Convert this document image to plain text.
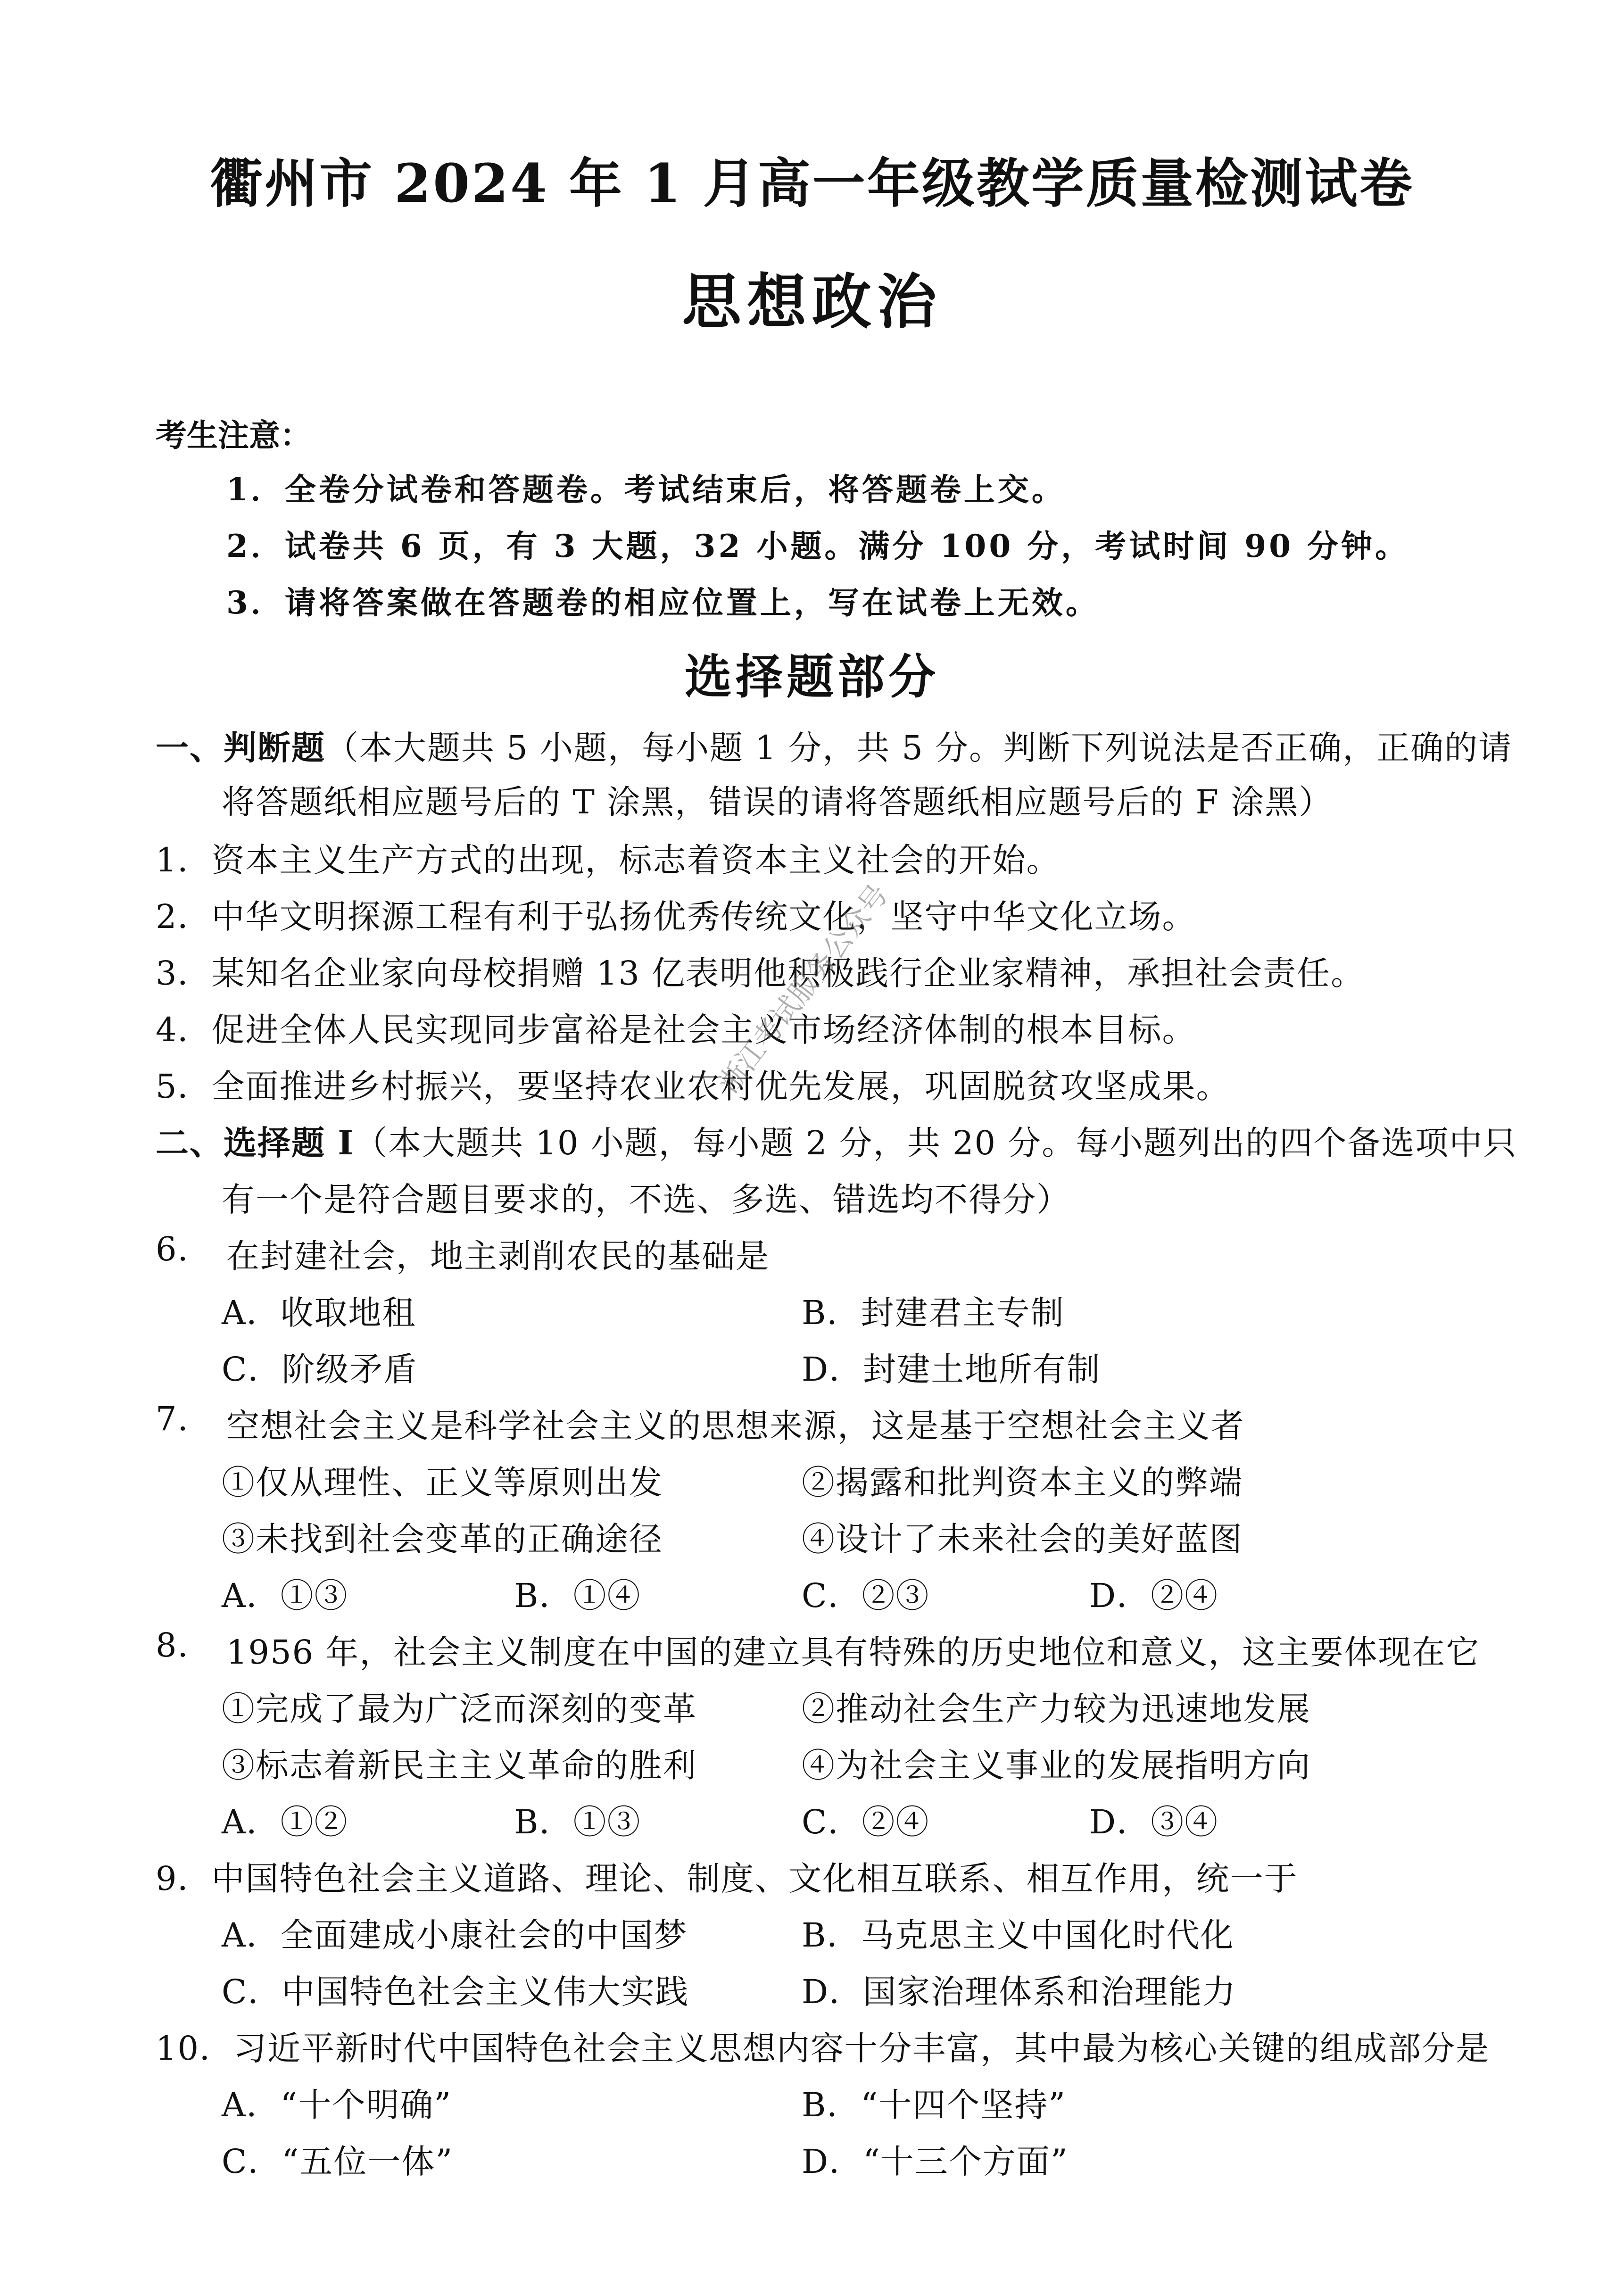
衢州市 2024 年 1 月高一年级教学质量检测试卷
思想政治
考生注意：
1．全卷分试卷和答题卷。考试结束后，将答题卷上交。
2．试卷共 6 页，有 3 大题，32 小题。满分 100 分，考试时间 90 分钟。
3．请将答案做在答题卷的相应位置上，写在试卷上无效。
选择题部分
一、判断题（本大题共 5 小题，每小题 1 分，共 5 分。判断下列说法是否正确，正确的请
将答题纸相应题号后的 T 涂黑，错误的请将答题纸相应题号后的 F 涂黑）
1．资本主义生产方式的出现，标志着资本主义社会的开始。
2．中华文明探源工程有利于弘扬优秀传统文化，坚守中华文化立场。
3．某知名企业家向母校捐赠 13 亿表明他积极践行企业家精神，承担社会责任。
4．促进全体人民实现同步富裕是社会主义市场经济体制的根本目标。
5．全面推进乡村振兴，要坚持农业农村优先发展，巩固脱贫攻坚成果。
二、选择题 I（本大题共 10 小题，每小题 2 分，共 20 分。每小题列出的四个备选项中只
有一个是符合题目要求的，不选、多选、错选均不得分）
6. 在封建社会，地主剥削农民的基础是
A．收取地租	B．封建君主专制
C．阶级矛盾	D．封建土地所有制
7. 空想社会主义是科学社会主义的思想来源，这是基于空想社会主义者
①仅从理性、正义等原则出发	②揭露和批判资本主义的弊端
③未找到社会变革的正确途径	④设计了未来社会的美好蓝图
A．①③	B．①④	C．②③	D．②④
8. 1956 年，社会主义制度在中国的建立具有特殊的历史地位和意义，这主要体现在它
①完成了最为广泛而深刻的变革	②推动社会生产力较为迅速地发展
③标志着新民主主义革命的胜利	④为社会主义事业的发展指明方向
A．①②	B．①③	C．②④	D．③④
9．中国特色社会主义道路、理论、制度、文化相互联系、相互作用，统一于
A．全面建成小康社会的中国梦	B．马克思主义中国化时代化
C．中国特色社会主义伟大实践	D．国家治理体系和治理能力
10．习近平新时代中国特色社会主义思想内容十分丰富，其中最为核心关键的组成部分是
A．“十个明确”	B．“十四个坚持”
C．“五位一体”	D．“十三个方面”
浙江考试服务公众号
